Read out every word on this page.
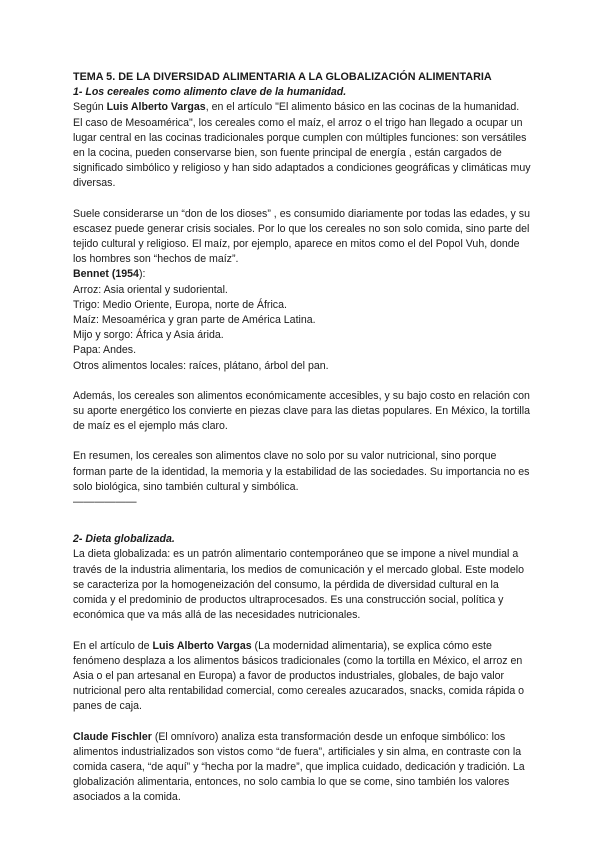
TEMA 5. DE LA DIVERSIDAD ALIMENTARIA A LA GLOBALIZACIÓN ALIMENTARIA

1- Los cereales como alimento clave de la humanidad.

Según Luis Alberto Vargas, en el artículo "El alimento básico en las cocinas de la humanidad. El caso de Mesoamérica", los cereales como el maíz, el arroz o el trigo han llegado a ocupar un lugar central en las cocinas tradicionales porque cumplen con múltiples funciones: son versátiles en la cocina, pueden conservarse bien, son fuente principal de energía , están cargados de significado simbólico y religioso y han sido adaptados a condiciones geográficas y climáticas muy diversas.

Suele considerarse un “don de los dioses” , es consumido diariamente por todas las edades, y su escasez puede generar crisis sociales. Por lo que los cereales no son solo comida, sino parte del tejido cultural y religioso. El maíz, por ejemplo, aparece en mitos como el del Popol Vuh, donde los hombres son “hechos de maíz”.

Bennet (1954):

Arroz: Asia oriental y sudoriental.

Trigo: Medio Oriente, Europa, norte de África.

Maíz: Mesoamérica y gran parte de América Latina.

Mijo y sorgo: África y Asia árida.

Papa: Andes.

Otros alimentos locales: raíces, plátano, árbol del pan.

Además, los cereales son alimentos económicamente accesibles, y su bajo costo en relación con su aporte energético los convierte en piezas clave para las dietas populares. En México, la tortilla de maíz es el ejemplo más claro.

En resumen, los cereales son alimentos clave no solo por su valor nutricional, sino porque forman parte de la identidad, la memoria y la estabilidad de las sociedades. Su importancia no es solo biológica, sino también cultural y simbólica.

——————

2- Dieta globalizada.

La dieta globalizada: es un patrón alimentario contemporáneo que se impone a nivel mundial a través de la industria alimentaria, los medios de comunicación y el mercado global. Este modelo se caracteriza por la homogeneización del consumo, la pérdida de diversidad cultural en la comida y el predominio de productos ultraprocesados. Es una construcción social, política y económica que va más allá de las necesidades nutricionales.

En el artículo de Luis Alberto Vargas (La modernidad alimentaria), se explica cómo este fenómeno desplaza a los alimentos básicos tradicionales (como la tortilla en México, el arroz en Asia o el pan artesanal en Europa) a favor de productos industriales, globales, de bajo valor nutricional pero alta rentabilidad comercial, como cereales azucarados, snacks, comida rápida o panes de caja.

Claude Fischler (El omnívoro) analiza esta transformación desde un enfoque simbólico: los alimentos industrializados son vistos como “de fuera”, artificiales y sin alma, en contraste con la comida casera, “de aquí” y “hecha por la madre”, que implica cuidado, dedicación y tradición. La globalización alimentaria, entonces, no solo cambia lo que se come, sino también los valores asociados a la comida.
